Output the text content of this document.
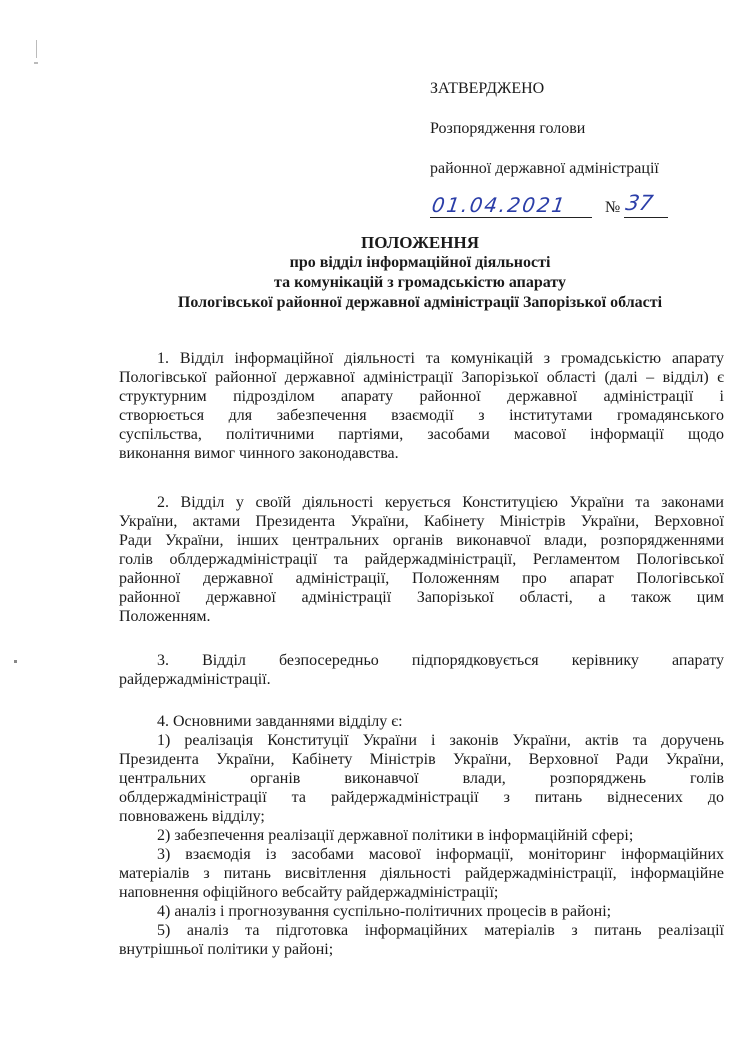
ЗАТВЕРДЖЕНО
Розпорядження голови
районної державної адміністрації
01.04.2021 № 37
ПОЛОЖЕННЯ
про відділ інформаційної діяльності
та комунікацій з громадськістю апарату
Пологівської районної державної адміністрації Запорізької області
1. Відділ інформаційної діяльності та комунікацій з громадськістю апарату
Пологівської районної державної адміністрації Запорізької області (далі – відділ) є
структурним підрозділом апарату районної державної адміністрації і
створюється для забезпечення взаємодії з інститутами громадянського
суспільства, політичними партіями, засобами масової інформації щодо
виконання вимог чинного законодавства.
2. Відділ у своїй діяльності керується Конституцією України та законами
України, актами Президента України, Кабінету Міністрів України, Верховної
Ради України, інших центральних органів виконавчої влади, розпорядженнями
голів облдержадміністрації та райдержадміністрації, Регламентом Пологівської
районної державної адміністрації, Положенням про апарат Пологівської
районної державної адміністрації Запорізької області, а також цим
Положенням.
3. Відділ безпосередньо підпорядковується керівнику апарату
райдержадміністрації.
4. Основними завданнями відділу є:
1) реалізація Конституції України і законів України, актів та доручень
Президента України, Кабінету Міністрів України, Верховної Ради України,
центральних органів виконавчої влади, розпоряджень голів
облдержадміністрації та райдержадміністрації з питань віднесених до
повноважень відділу;
2) забезпечення реалізації державної політики в інформаційній сфері;
3) взаємодія із засобами масової інформації, моніторинг інформаційних
матеріалів з питань висвітлення діяльності райдержадміністрації, інформаційне
наповнення офіційного вебсайту райдержадміністрації;
4) аналіз і прогнозування суспільно-політичних процесів в районі;
5) аналіз та підготовка інформаційних матеріалів з питань реалізації
внутрішньої політики у районі;
